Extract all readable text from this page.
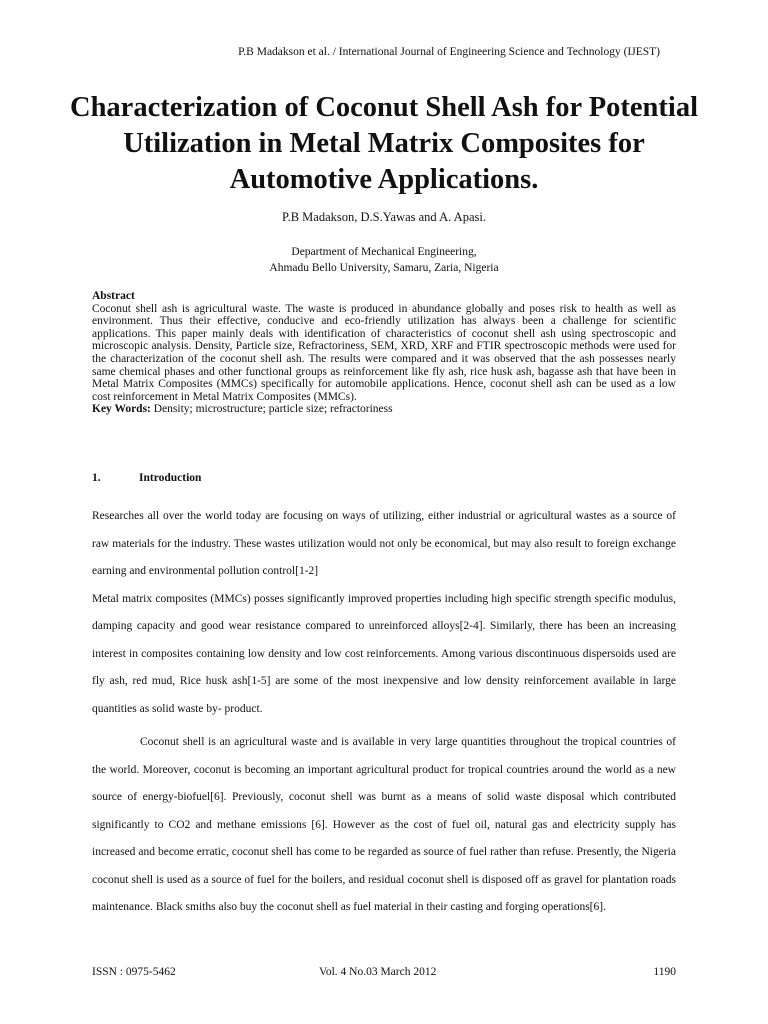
P.B Madakson et al. / International Journal of Engineering Science and Technology (IJEST)
Characterization of Coconut Shell Ash for Potential Utilization in Metal Matrix Composites for Automotive Applications.
P.B Madakson, D.S.Yawas and A. Apasi.
Department of Mechanical Engineering,
Ahmadu Bello University, Samaru, Zaria, Nigeria
Abstract
Coconut shell ash is agricultural waste. The waste is produced in abundance globally and poses risk to health as well as environment. Thus their effective, conducive and eco-friendly utilization has always been a challenge for scientific applications. This paper mainly deals with identification of characteristics of coconut shell ash using spectroscopic and microscopic analysis. Density, Particle size, Refractoriness, SEM, XRD, XRF and FTIR spectroscopic methods were used for the characterization of the coconut shell ash. The results were compared and it was observed that the ash possesses nearly same chemical phases and other functional groups as reinforcement like fly ash, rice husk ash, bagasse ash that have been in Metal Matrix Composites (MMCs) specifically for automobile applications. Hence, coconut shell ash can be used as a low cost reinforcement in Metal Matrix Composites (MMCs).
Key Words: Density; microstructure; particle size; refractoriness
1.	Introduction

Researches all over the world today are focusing on ways of utilizing, either industrial or agricultural wastes as a source of raw materials for the industry. These wastes utilization would not only be economical, but may also result to foreign exchange earning and environmental pollution control[1-2]

Metal matrix composites (MMCs) posses significantly improved properties including high specific strength specific modulus, damping capacity and good wear resistance compared to unreinforced alloys[2-4]. Similarly, there has been an increasing interest in composites containing low density and low cost reinforcements. Among various discontinuous dispersoids used are fly ash, red mud, Rice husk ash[1-5] are some of the most inexpensive and low density reinforcement available in large quantities as solid waste by- product.

Coconut shell is an agricultural waste and is available in very large quantities throughout the tropical countries of the world. Moreover, coconut is becoming an important agricultural product for tropical countries around the world as a new source of energy-biofuel[6]. Previously, coconut shell was burnt as a means of solid waste disposal which contributed significantly to CO2 and methane emissions [6]. However as the cost of fuel oil, natural gas and electricity supply has increased and become erratic, coconut shell has come to be regarded as source of fuel rather than refuse. Presently, the Nigeria coconut shell is used as a source of fuel for the boilers, and residual coconut shell is disposed off as gravel for plantation roads maintenance. Black smiths also buy the coconut shell as fuel material in their casting and forging operations[6].

ISSN : 0975-5462	Vol. 4 No.03 March 2012	1190
